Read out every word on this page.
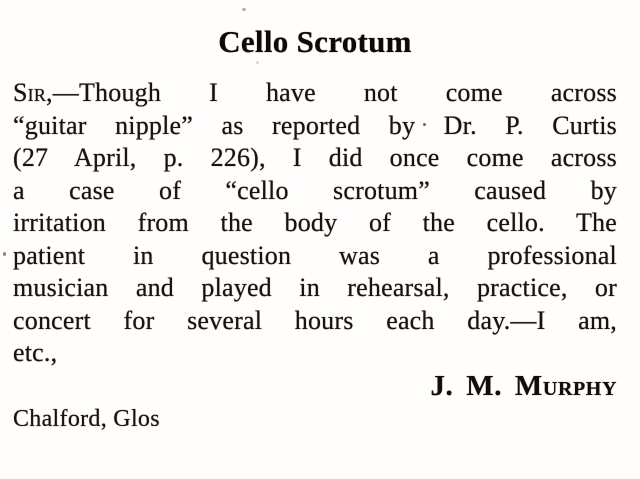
Cello Scrotum
Sir,—Though I have not come across
“guitar nipple” as reported by Dr. P. Curtis
(27 April, p. 226), I did once come across
a case of “cello scrotum” caused by
irritation from the body of the cello. The
patient in question was a professional
musician and played in rehearsal, practice, or
concert for several hours each day.—I am,
etc.,
J. M. Murphy
Chalford, Glos
